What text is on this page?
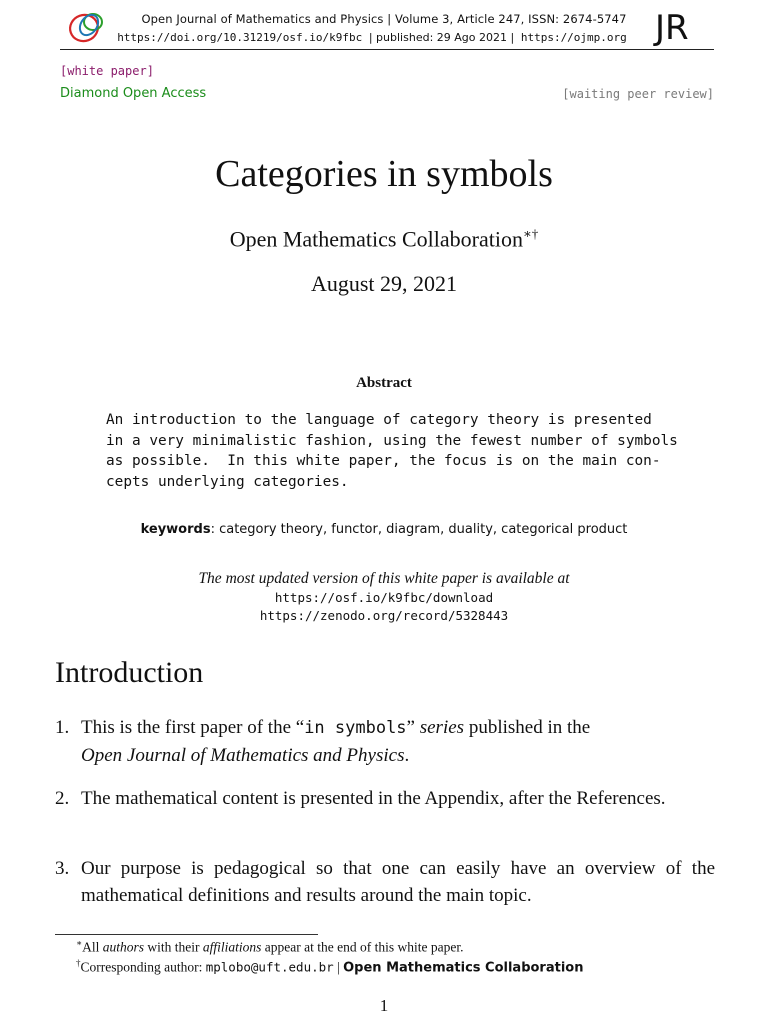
Open Journal of Mathematics and Physics | Volume 3, Article 247, ISSN: 2674-5747
https://doi.org/10.31219/osf.io/k9fbc | published: 29 Ago 2021 | https://ojmp.org JR
[white paper]
Diamond Open Access	[waiting peer review]
Categories in symbols
Open Mathematics Collaboration∗†
August 29, 2021
Abstract
An introduction to the language of category theory is presented
in a very minimalistic fashion, using the fewest number of symbols
as possible.  In this white paper, the focus is on the main con-
cepts underlying categories.
keywords: category theory, functor, diagram, duality, categorical product
The most updated version of this white paper is available at
https://osf.io/k9fbc/download
https://zenodo.org/record/5328443
Introduction
1. This is the first paper of the “in symbols” series published in the
Open Journal of Mathematics and Physics.
2. The mathematical content is presented in the Appendix, after the References.
3. Our purpose is pedagogical so that one can easily have an overview of the mathematical definitions and results around the main topic.
∗All authors with their affiliations appear at the end of this white paper.
†Corresponding author: mplobo@uft.edu.br | Open Mathematics Collaboration
1
